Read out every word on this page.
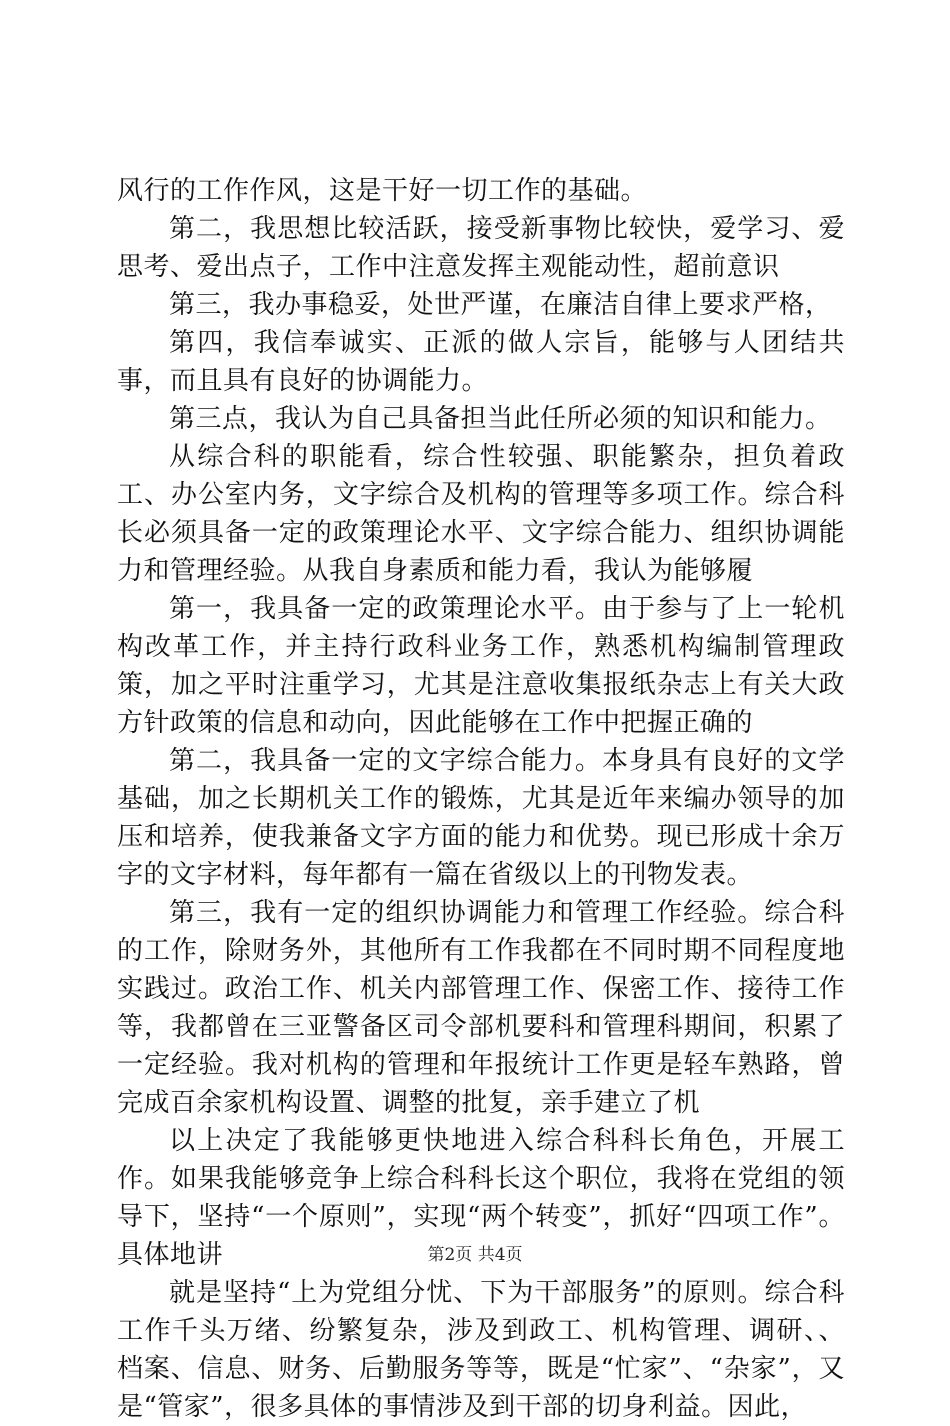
风行的工作作风，这是干好一切工作的基础。

第二，我思想比较活跃，接受新事物比较快，爱学习、爱思考、爱出点子，工作中注意发挥主观能动性，超前意识

第三，我办事稳妥，处世严谨，在廉洁自律上要求严格，

第四，我信奉诚实、正派的做人宗旨，能够与人团结共事，而且具有良好的协调能力。

第三点，我认为自己具备担当此任所必须的知识和能力。

从综合科的职能看，综合性较强、职能繁杂，担负着政工、办公室内务，文字综合及机构的管理等多项工作。综合科长必须具备一定的政策理论水平、文字综合能力、组织协调能力和管理经验。从我自身素质和能力看，我认为能够履

第一，我具备一定的政策理论水平。由于参与了上一轮机构改革工作，并主持行政科业务工作，熟悉机构编制管理政策，加之平时注重学习，尤其是注意收集报纸杂志上有关大政方针政策的信息和动向，因此能够在工作中把握正确的

第二，我具备一定的文字综合能力。本身具有良好的文学基础，加之长期机关工作的锻炼，尤其是近年来编办领导的加压和培养，使我兼备文字方面的能力和优势。现已形成十余万字的文字材料，每年都有一篇在省级以上的刊物发表。

第三，我有一定的组织协调能力和管理工作经验。综合科的工作，除财务外，其他所有工作我都在不同时期不同程度地实践过。政治工作、机关内部管理工作、保密工作、接待工作等，我都曾在三亚警备区司令部机要科和管理科期间，积累了一定经验。我对机构的管理和年报统计工作更是轻车熟路，曾完成百余家机构设置、调整的批复，亲手建立了机

以上决定了我能够更快地进入综合科科长角色，开展工作。如果我能够竞争上综合科科长这个职位，我将在党组的领导下，坚持“一个原则”，实现“两个转变”，抓好“四项工作”。具体地讲

就是坚持“上为党组分忧、下为干部服务”的原则。综合科工作千头万绪、纷繁复杂，涉及到政工、机构管理、调研、、档案、信息、财务、后勤服务等等，既是“忙家”、“杂家”，又是“管家”，很多具体的事情涉及到干部的切身利益。因此，

第2页 共4页
